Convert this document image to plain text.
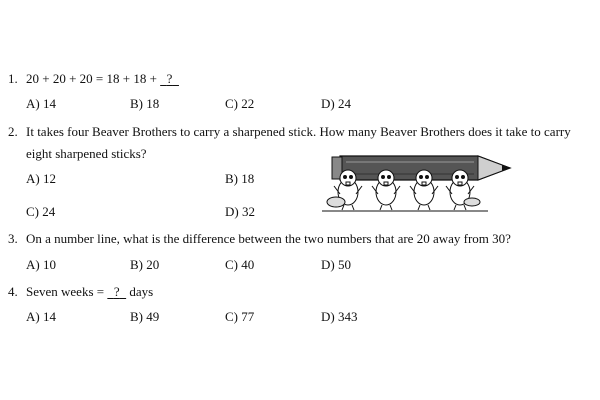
1. 20 + 20 + 20 = 18 + 18 + ?
A) 14	B) 18	C) 22	D) 24
2. It takes four Beaver Brothers to carry a sharpened stick. How many Beaver Brothers does it take to carry
eight sharpened sticks?
A) 12	B) 18
C) 24	D) 32
3. On a number line, what is the difference between the two numbers that are 20 away from 30?
A) 10	B) 20	C) 40	D) 50
4. Seven weeks = ? days
A) 14	B) 49	C) 77	D) 343
